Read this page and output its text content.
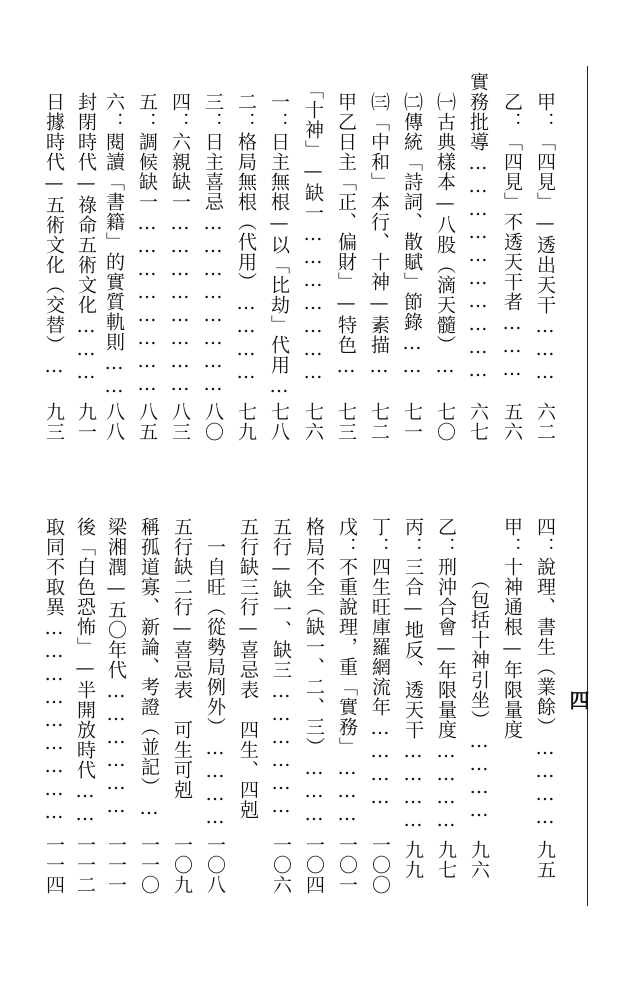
四
甲：「四見」—透出天干………
六二
乙：「四見」不透天干者………
五六
實務批導…………………………
六七
㈠古典樣本—八股（滴天髓）…
七〇
㈡傳統「詩詞、散賦」節錄……
七一
㈢「中和」本行、十神—素描…
七二
甲乙日主「正、偏財」—特色…
七三
「十神」—缺一…………………
七六
一：日主無根—以「比劫」代用…
七八
二：格局無根（代用）…………
七九
三：日主喜忌……………………
八〇
四：六親缺一……………………
八三
五：調候缺一……………………
八五
六：閱讀「書籍」的實質軌則……
八八
封閉時代—祿命五術文化………
九一
日據時代—五術文化（交替）…
九三
四：說理、書生（業餘）…………
九五
甲：十神通根—年限量度
（包括十神引坐）…………
九六
乙：刑沖合會—年限量度…………
九七
丙：三合—地反、透天干…………
九九
丁：四生旺庫羅網流年…………
一〇〇
戊：不重說理，重「實務」………
一〇一
格局不全（缺一、二、三）………
一〇四
五行—缺一、缺三………………
一〇六
五行缺三行—喜忌表　四生、四剋
一自旺（從勢局例外）…………
一〇八
五行缺二行—喜忌表　可生可剋
一〇九
稱孤道寡、新論、考證（並記）…
一一〇
梁湘潤—五〇年代………………
一一一
後「白色恐怖」—半開放時代……
一一二
取同不取異………………………
一一四
